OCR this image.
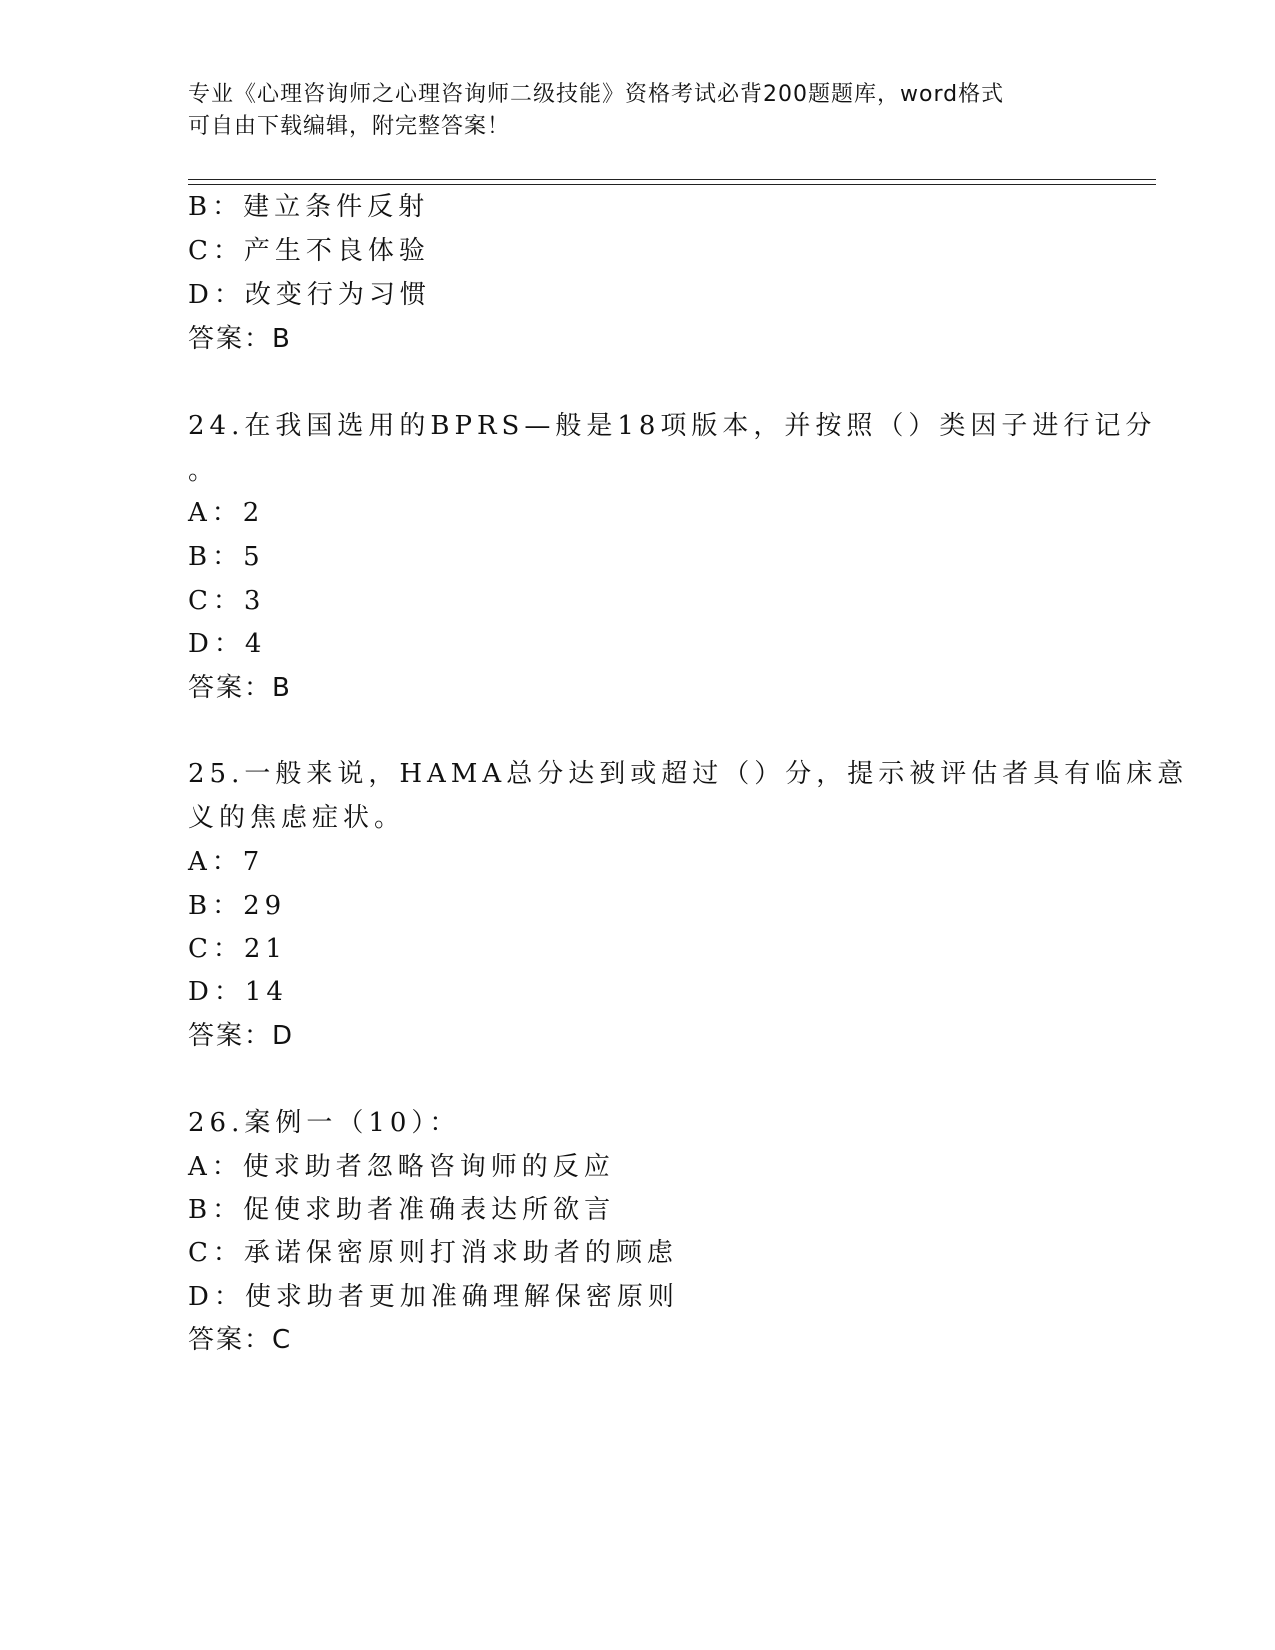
专业《心理咨询师之心理咨询师二级技能》资格考试必背200题题库，word格式
可自由下载编辑，附完整答案！
B：建立条件反射
C：产生不良体验
D：改变行为习惯
答案：B
24.在我国选用的BPRS—般是18项版本，并按照（）类因子进行记分
。
A：2
B：5
C：3
D：4
答案：B
25.一般来说，HAMA总分达到或超过（）分，提示被评估者具有临床意
义的焦虑症状。
A：7
B：29
C：21
D：14
答案：D
26.案例一（10）：
A：使求助者忽略咨询师的反应
B：促使求助者准确表达所欲言
C：承诺保密原则打消求助者的顾虑
D：使求助者更加准确理解保密原则
答案：C
